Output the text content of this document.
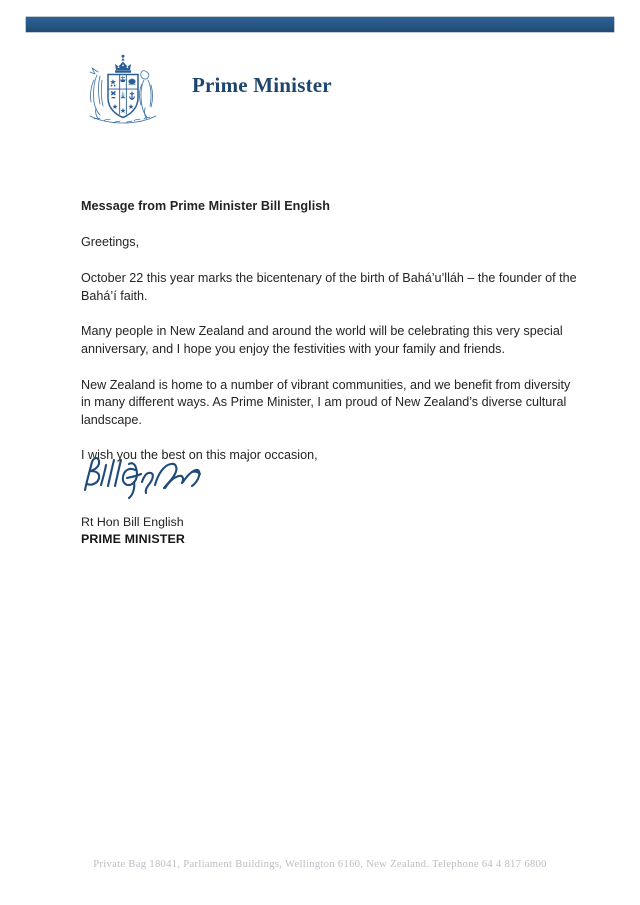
Prime Minister

Message from Prime Minister Bill English

Greetings,

October 22 this year marks the bicentenary of the birth of Bahá’u’lláh – the founder of the Bahá’í faith.

Many people in New Zealand and around the world will be celebrating this very special anniversary, and I hope you enjoy the festivities with your family and friends.

New Zealand is home to a number of vibrant communities, and we benefit from diversity in many different ways. As Prime Minister, I am proud of New Zealand’s diverse cultural landscape.

I wish you the best on this major occasion,

Rt Hon Bill English
PRIME MINISTER
Private Bag 18041, Parliament Buildings, Wellington 6160, New Zealand. Telephone 64 4 817 6800
